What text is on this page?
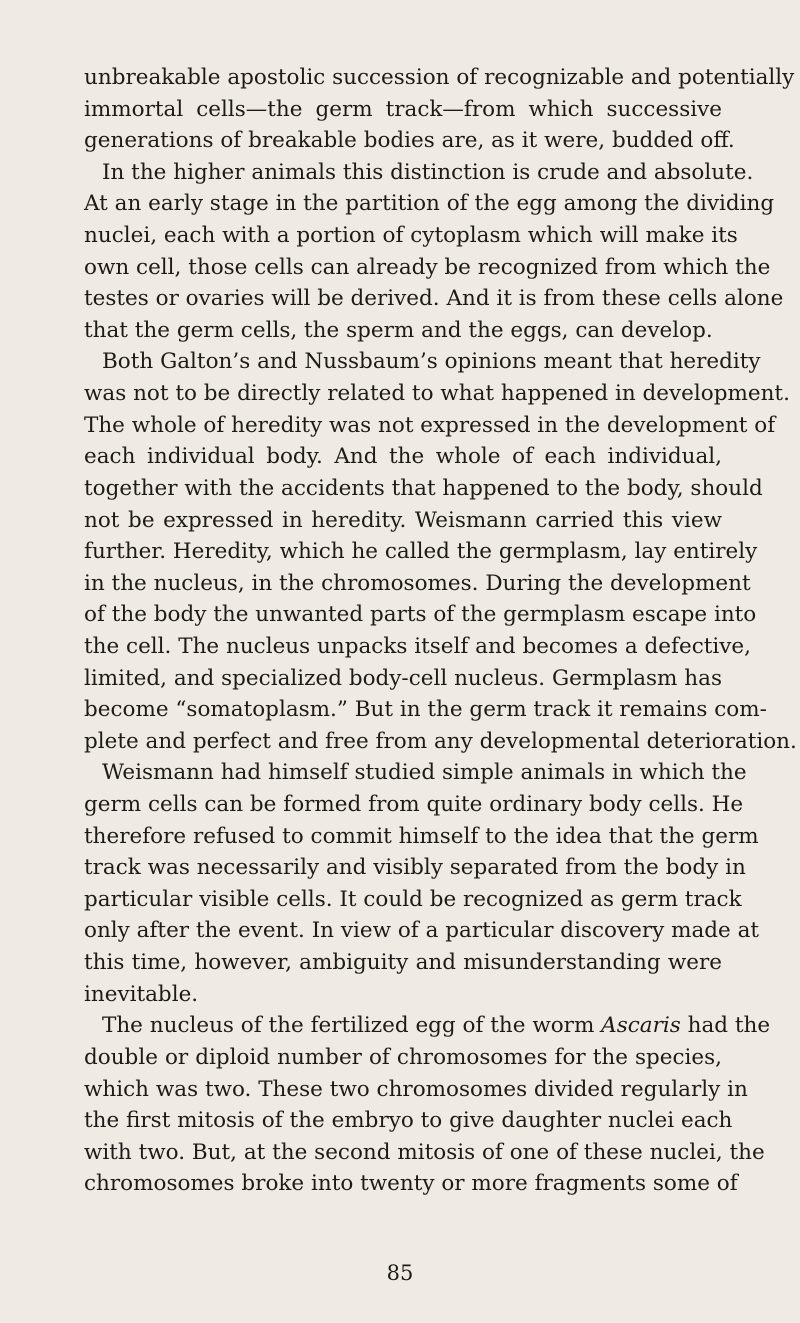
unbreakable apostolic succession of recognizable and potentially
immortal cells—the germ track—from which successive
generations of breakable bodies are, as it were, budded off.
In the higher animals this distinction is crude and absolute.
At an early stage in the partition of the egg among the dividing
nuclei, each with a portion of cytoplasm which will make its
own cell, those cells can already be recognized from which the
testes or ovaries will be derived. And it is from these cells alone
that the germ cells, the sperm and the eggs, can develop.
Both Galton’s and Nussbaum’s opinions meant that heredity
was not to be directly related to what happened in development.
The whole of heredity was not expressed in the development of
each individual body. And the whole of each individual,
together with the accidents that happened to the body, should
not be expressed in heredity. Weismann carried this view
further. Heredity, which he called the germplasm, lay entirely
in the nucleus, in the chromosomes. During the development
of the body the unwanted parts of the germplasm escape into
the cell. The nucleus unpacks itself and becomes a defective,
limited, and specialized body-cell nucleus. Germplasm has
become “somatoplasm.” But in the germ track it remains com-
plete and perfect and free from any developmental deterioration.
Weismann had himself studied simple animals in which the
germ cells can be formed from quite ordinary body cells. He
therefore refused to commit himself to the idea that the germ
track was necessarily and visibly separated from the body in
particular visible cells. It could be recognized as germ track
only after the event. In view of a particular discovery made at
this time, however, ambiguity and misunderstanding were
inevitable.
The nucleus of the fertilized egg of the worm Ascaris had the
double or diploid number of chromosomes for the species,
which was two. These two chromosomes divided regularly in
the first mitosis of the embryo to give daughter nuclei each
with two. But, at the second mitosis of one of these nuclei, the
chromosomes broke into twenty or more fragments some of
85
